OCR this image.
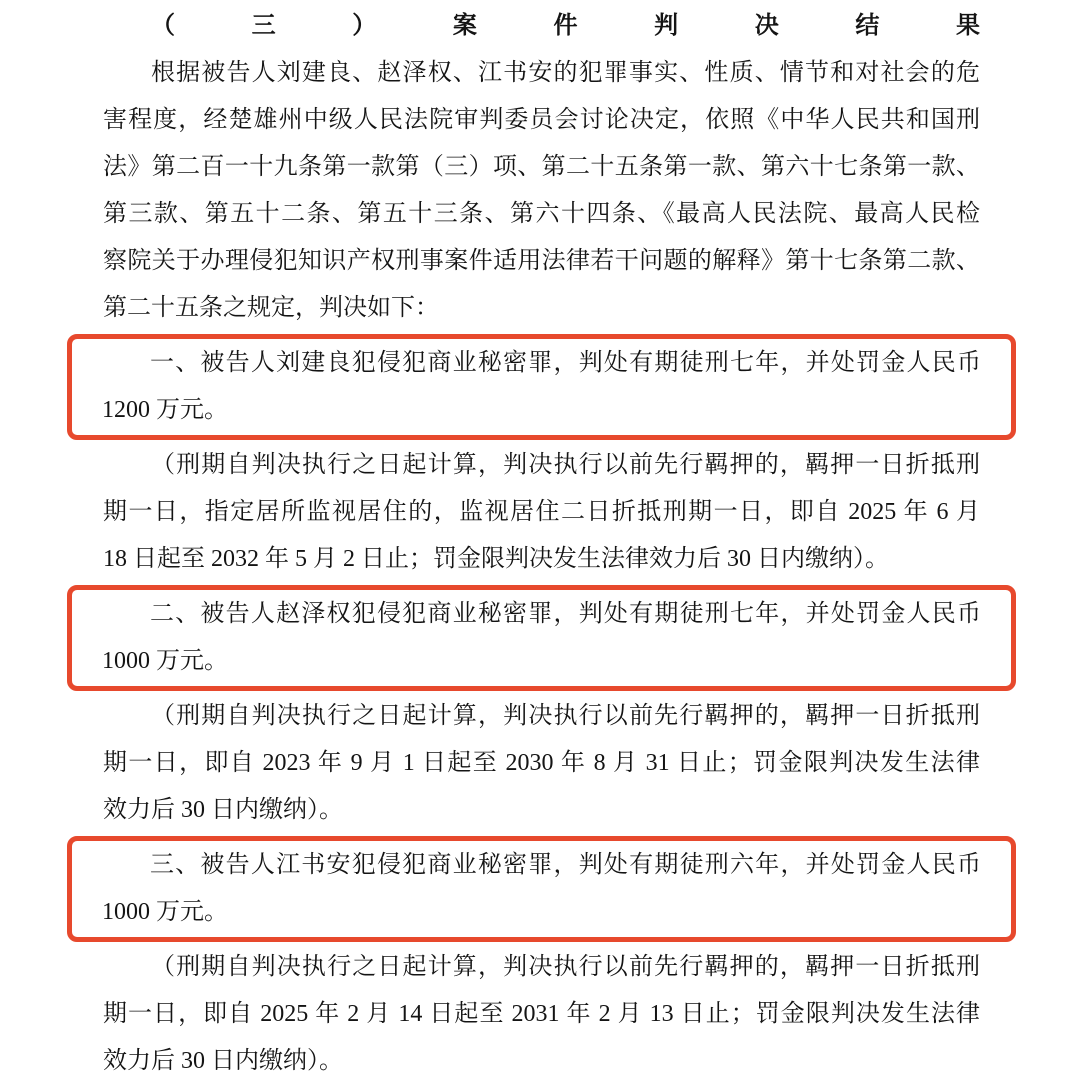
（三）案件判决结果
根据被告人刘建良、赵泽权、江书安的犯罪事实、性质、情节和对社会的危
害程度，经楚雄州中级人民法院审判委员会讨论决定，依照《中华人民共和国刑
法》第二百一十九条第一款第（三）项、第二十五条第一款、第六十七条第一款、
第三款、第五十二条、第五十三条、第六十四条、《最高人民法院、最高人民检
察院关于办理侵犯知识产权刑事案件适用法律若干问题的解释》第十七条第二款、
第二十五条之规定，判决如下：
一、被告人刘建良犯侵犯商业秘密罪，判处有期徒刑七年，并处罚金人民币
1200 万元。
（刑期自判决执行之日起计算，判决执行以前先行羁押的，羁押一日折抵刑
期一日，指定居所监视居住的，监视居住二日折抵刑期一日，即自 2025 年 6 月
18 日起至 2032 年 5 月 2 日止；罚金限判决发生法律效力后 30 日内缴纳）。
二、被告人赵泽权犯侵犯商业秘密罪，判处有期徒刑七年，并处罚金人民币
1000 万元。
（刑期自判决执行之日起计算，判决执行以前先行羁押的，羁押一日折抵刑
期一日，即自 2023 年 9 月 1 日起至 2030 年 8 月 31 日止；罚金限判决发生法律
效力后 30 日内缴纳）。
三、被告人江书安犯侵犯商业秘密罪，判处有期徒刑六年，并处罚金人民币
1000 万元。
（刑期自判决执行之日起计算，判决执行以前先行羁押的，羁押一日折抵刑
期一日，即自 2025 年 2 月 14 日起至 2031 年 2 月 13 日止；罚金限判决发生法律
效力后 30 日内缴纳）。
